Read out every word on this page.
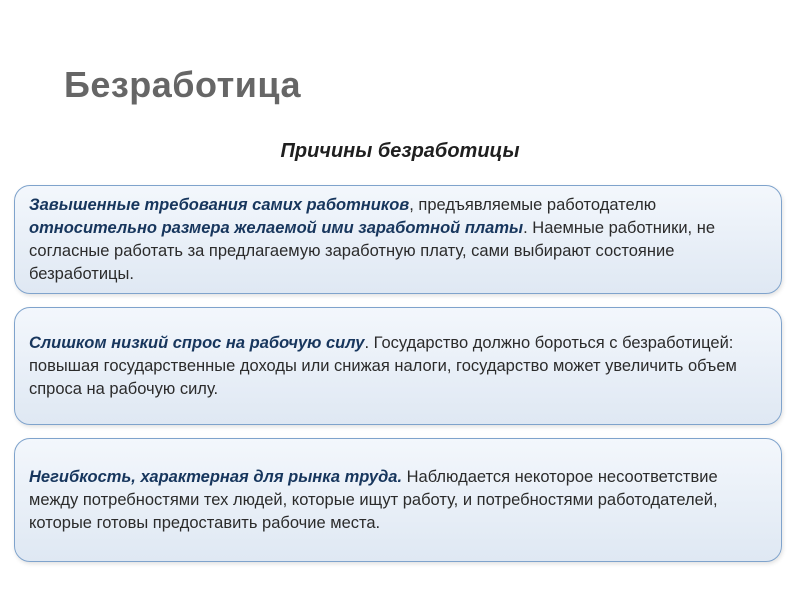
Безработица
Причины безработицы

Завышенные требования самих работников, предъявляемые работодателю относительно размера желаемой ими заработной платы. Наемные работники, не согласные работать за предлагаемую заработную плату, сами выбирают состояние безработицы.

Слишком низкий спрос на рабочую силу. Государство должно бороться с безработицей: повышая государственные доходы или снижая налоги, государство может увеличить объем спроса на рабочую силу.

Негибкость, характерная для рынка труда. Наблюдается некоторое несоответствие между потребностями тех людей, которые ищут работу, и потребностями работодателей, которые готовы предоставить рабочие места.
